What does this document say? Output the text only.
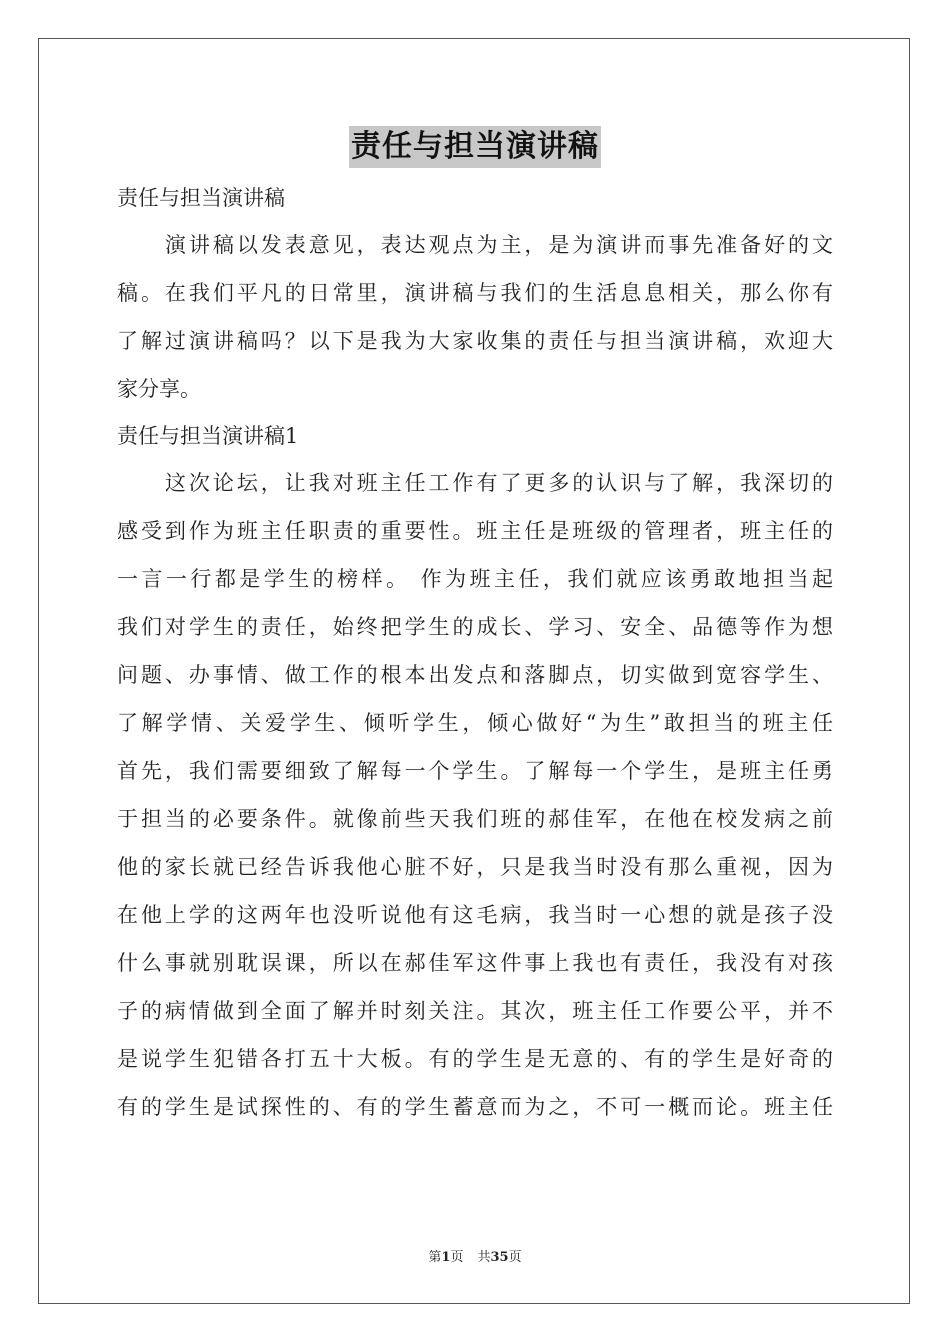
责任与担当演讲稿
责任与担当演讲稿
　　演讲稿以发表意见，表达观点为主，是为演讲而事先准备好的文
稿。在我们平凡的日常里，演讲稿与我们的生活息息相关，那么你有
了解过演讲稿吗？以下是我为大家收集的责任与担当演讲稿，欢迎大
家分享。
责任与担当演讲稿1
　　这次论坛，让我对班主任工作有了更多的认识与了解，我深切的
感受到作为班主任职责的重要性。班主任是班级的管理者，班主任的
一言一行都是学生的榜样。 作为班主任，我们就应该勇敢地担当起
我们对学生的责任，始终把学生的成长、学习、安全、品德等作为想
问题、办事情、做工作的根本出发点和落脚点，切实做到宽容学生、
了解学情、关爱学生、倾听学生，倾心做好“为生”敢担当的班主任
首先，我们需要细致了解每一个学生。了解每一个学生，是班主任勇
于担当的必要条件。就像前些天我们班的郝佳军，在他在校发病之前
他的家长就已经告诉我他心脏不好，只是我当时没有那么重视，因为
在他上学的这两年也没听说他有这毛病，我当时一心想的就是孩子没
什么事就别耽误课，所以在郝佳军这件事上我也有责任，我没有对孩
子的病情做到全面了解并时刻关注。其次，班主任工作要公平，并不
是说学生犯错各打五十大板。有的学生是无意的、有的学生是好奇的
有的学生是试探性的、有的学生蓄意而为之，不可一概而论。班主任
第1页 共35页
